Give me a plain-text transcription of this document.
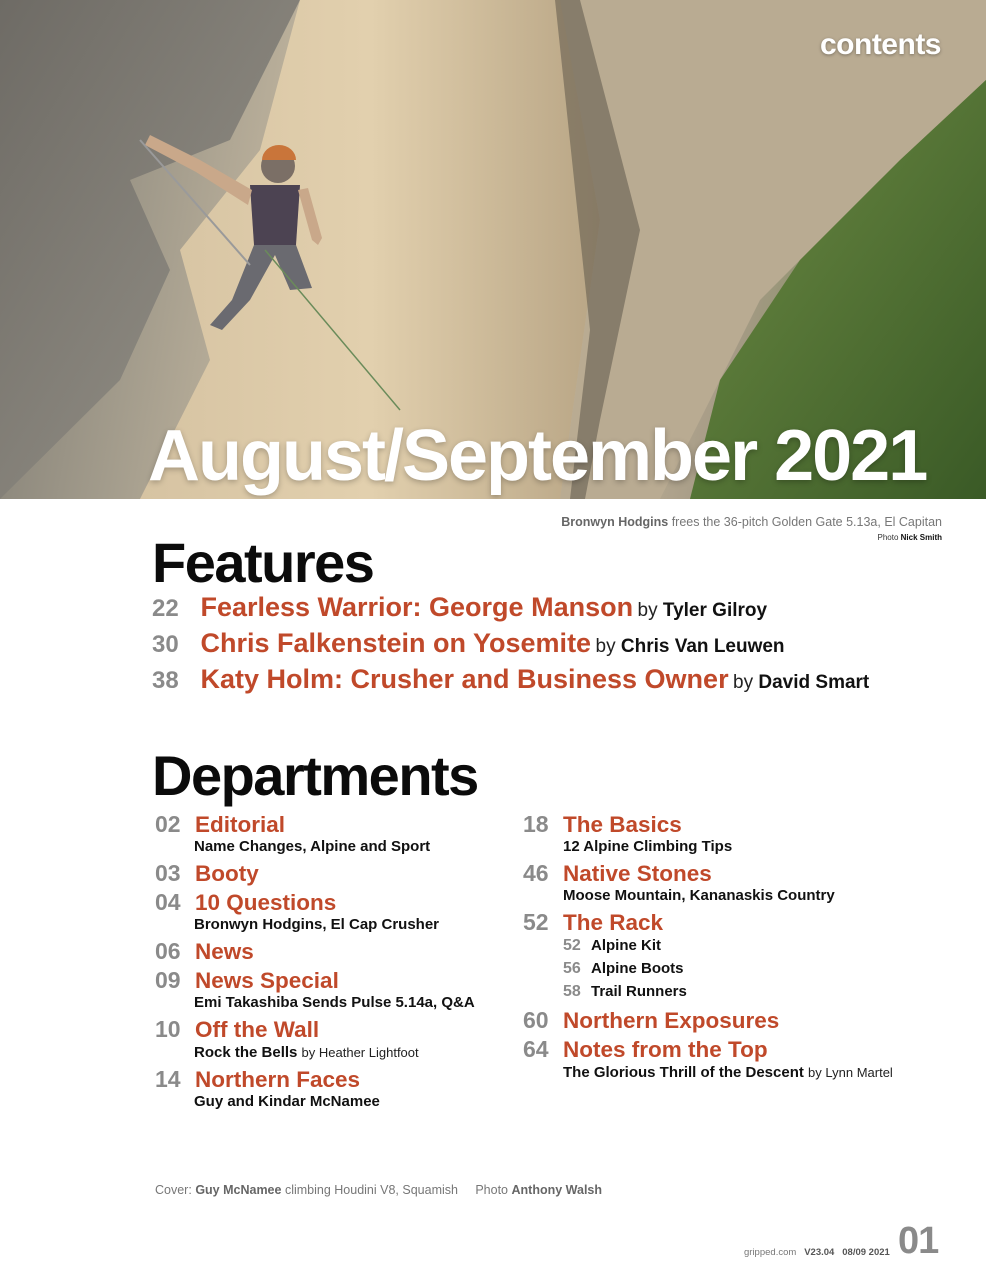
contents
August/September 2021
Bronwyn Hodgins frees the 36-pitch Golden Gate 5.13a, El Capitan
Photo Nick Smith
Features
22 Fearless Warrior: George Manson by Tyler Gilroy
30 Chris Falkenstein on Yosemite by Chris Van Leuwen
38 Katy Holm: Crusher and Business Owner by David Smart
Departments
02 Editorial
Name Changes, Alpine and Sport
03 Booty
04 10 Questions
Bronwyn Hodgins, El Cap Crusher
06 News
09 News Special
Emi Takashiba Sends Pulse 5.14a, Q&A
10 Off the Wall
Rock the Bells by Heather Lightfoot
14 Northern Faces
Guy and Kindar McNamee
18 The Basics
12 Alpine Climbing Tips
46 Native Stones
Moose Mountain, Kananaskis Country
52 The Rack
52 Alpine Kit
56 Alpine Boots
58 Trail Runners
60 Northern Exposures
64 Notes from the Top
The Glorious Thrill of the Descent by Lynn Martel
Cover: Guy McNamee climbing Houdini V8, Squamish Photo Anthony Walsh
gripped.com V23.04 08/09 2021 01
